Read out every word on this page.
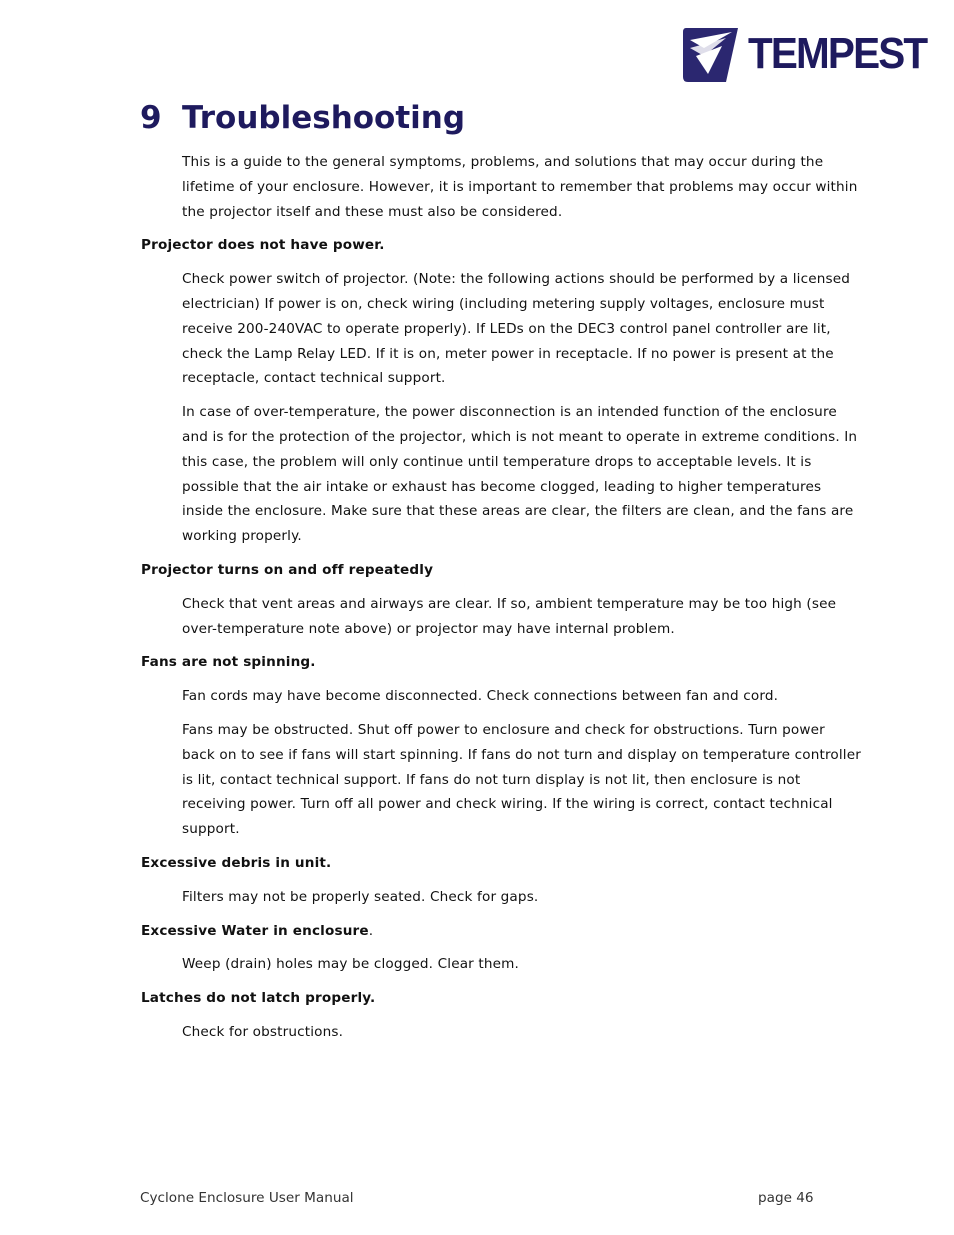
TEMPEST
9 Troubleshooting

This is a guide to the general symptoms, problems, and solutions that may occur during the lifetime of your enclosure. However, it is important to remember that problems may occur within the projector itself and these must also be considered.

Projector does not have power.

Check power switch of projector. (Note: the following actions should be performed by a licensed electrician) If power is on, check wiring (including metering supply voltages, enclosure must receive 200-240VAC to operate properly). If LEDs on the DEC3 control panel controller are lit, check the Lamp Relay LED. If it is on, meter power in receptacle. If no power is present at the receptacle, contact technical support.

In case of over-temperature, the power disconnection is an intended function of the enclosure and is for the protection of the projector, which is not meant to operate in extreme conditions. In this case, the problem will only continue until temperature drops to acceptable levels. It is possible that the air intake or exhaust has become clogged, leading to higher temperatures inside the enclosure. Make sure that these areas are clear, the filters are clean, and the fans are working properly.

Projector turns on and off repeatedly

Check that vent areas and airways are clear. If so, ambient temperature may be too high (see over-temperature note above) or projector may have internal problem.

Fans are not spinning.

Fan cords may have become disconnected. Check connections between fan and cord.

Fans may be obstructed. Shut off power to enclosure and check for obstructions. Turn power back on to see if fans will start spinning. If fans do not turn and display on temperature controller is lit, contact technical support. If fans do not turn display is not lit, then enclosure is not receiving power. Turn off all power and check wiring. If the wiring is correct, contact technical support.

Excessive debris in unit.

Filters may not be properly seated. Check for gaps.

Excessive Water in enclosure.

Weep (drain) holes may be clogged. Clear them.

Latches do not latch properly.

Check for obstructions.

Cyclone Enclosure User Manual	page 46
